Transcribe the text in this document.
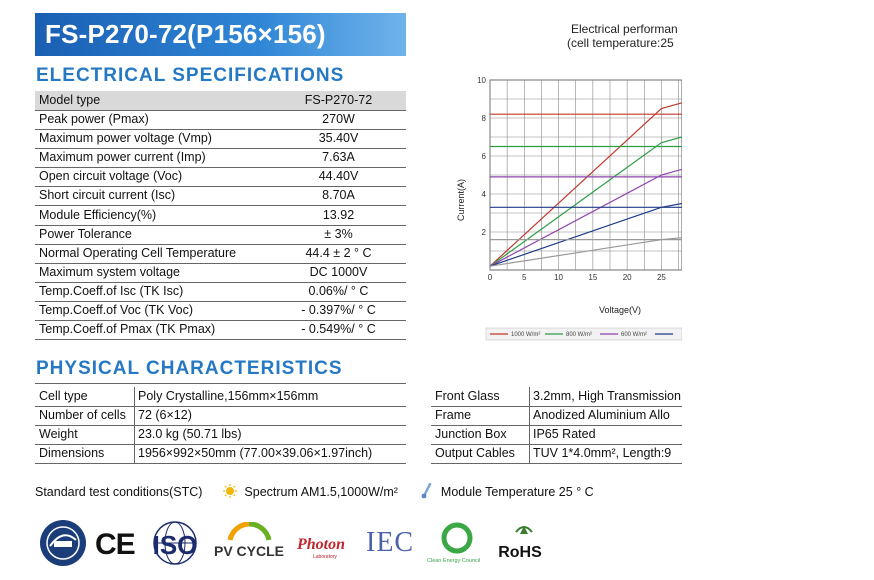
FS-P270-72(P156×156)
ELECTRICAL SPECIFICATIONS
Model type	FS-P270-72
Peak power (Pmax)	270W
Maximum power voltage (Vmp)	35.40V
Maximum power current (Imp)	7.63A
Open circuit voltage (Voc)	44.40V
Short circuit current (Isc)	8.70A
Module Efficiency(%)	13.92
Power Tolerance	± 3%
Normal Operating Cell Temperature	44.4 ± 2 ° C
Maximum system voltage	DC 1000V
Temp.Coeff.of Isc (TK Isc)	0.06%/ ° C
Temp.Coeff.of Voc (TK Voc)	- 0.397%/ ° C
Temp.Coeff.of Pmax (TK Pmax)	- 0.549%/ ° C
Electrical performan
(cell temperature:25
2
4
6
8
10
0	5	10	15	20	25
Current(A)
Voltage(V)
1000 W/m²	800 W/m²	600 W/m²
PHYSICAL CHARACTERISTICS
Cell type	Poly Crystalline,156mm×156mm
Number of cells 72 (6×12)
Weight	23.0 kg (50.71 lbs)
Dimensions	1956×992×50mm (77.00×39.06×1.97inch)
Front Glass	3.2mm, High Transmission
Frame	Anodized Aluminium Allo
Junction Box IP65 Rated
Output Cables TUV 1*4.0mm², Length:9
Standard test conditions(STC)	Spectrum AM1.5,1000W/m²	Module Temperature 25 ° C
CE ISO PV CYCLE Photon
Laboratory IEC
Clean Energy Council RoHS
